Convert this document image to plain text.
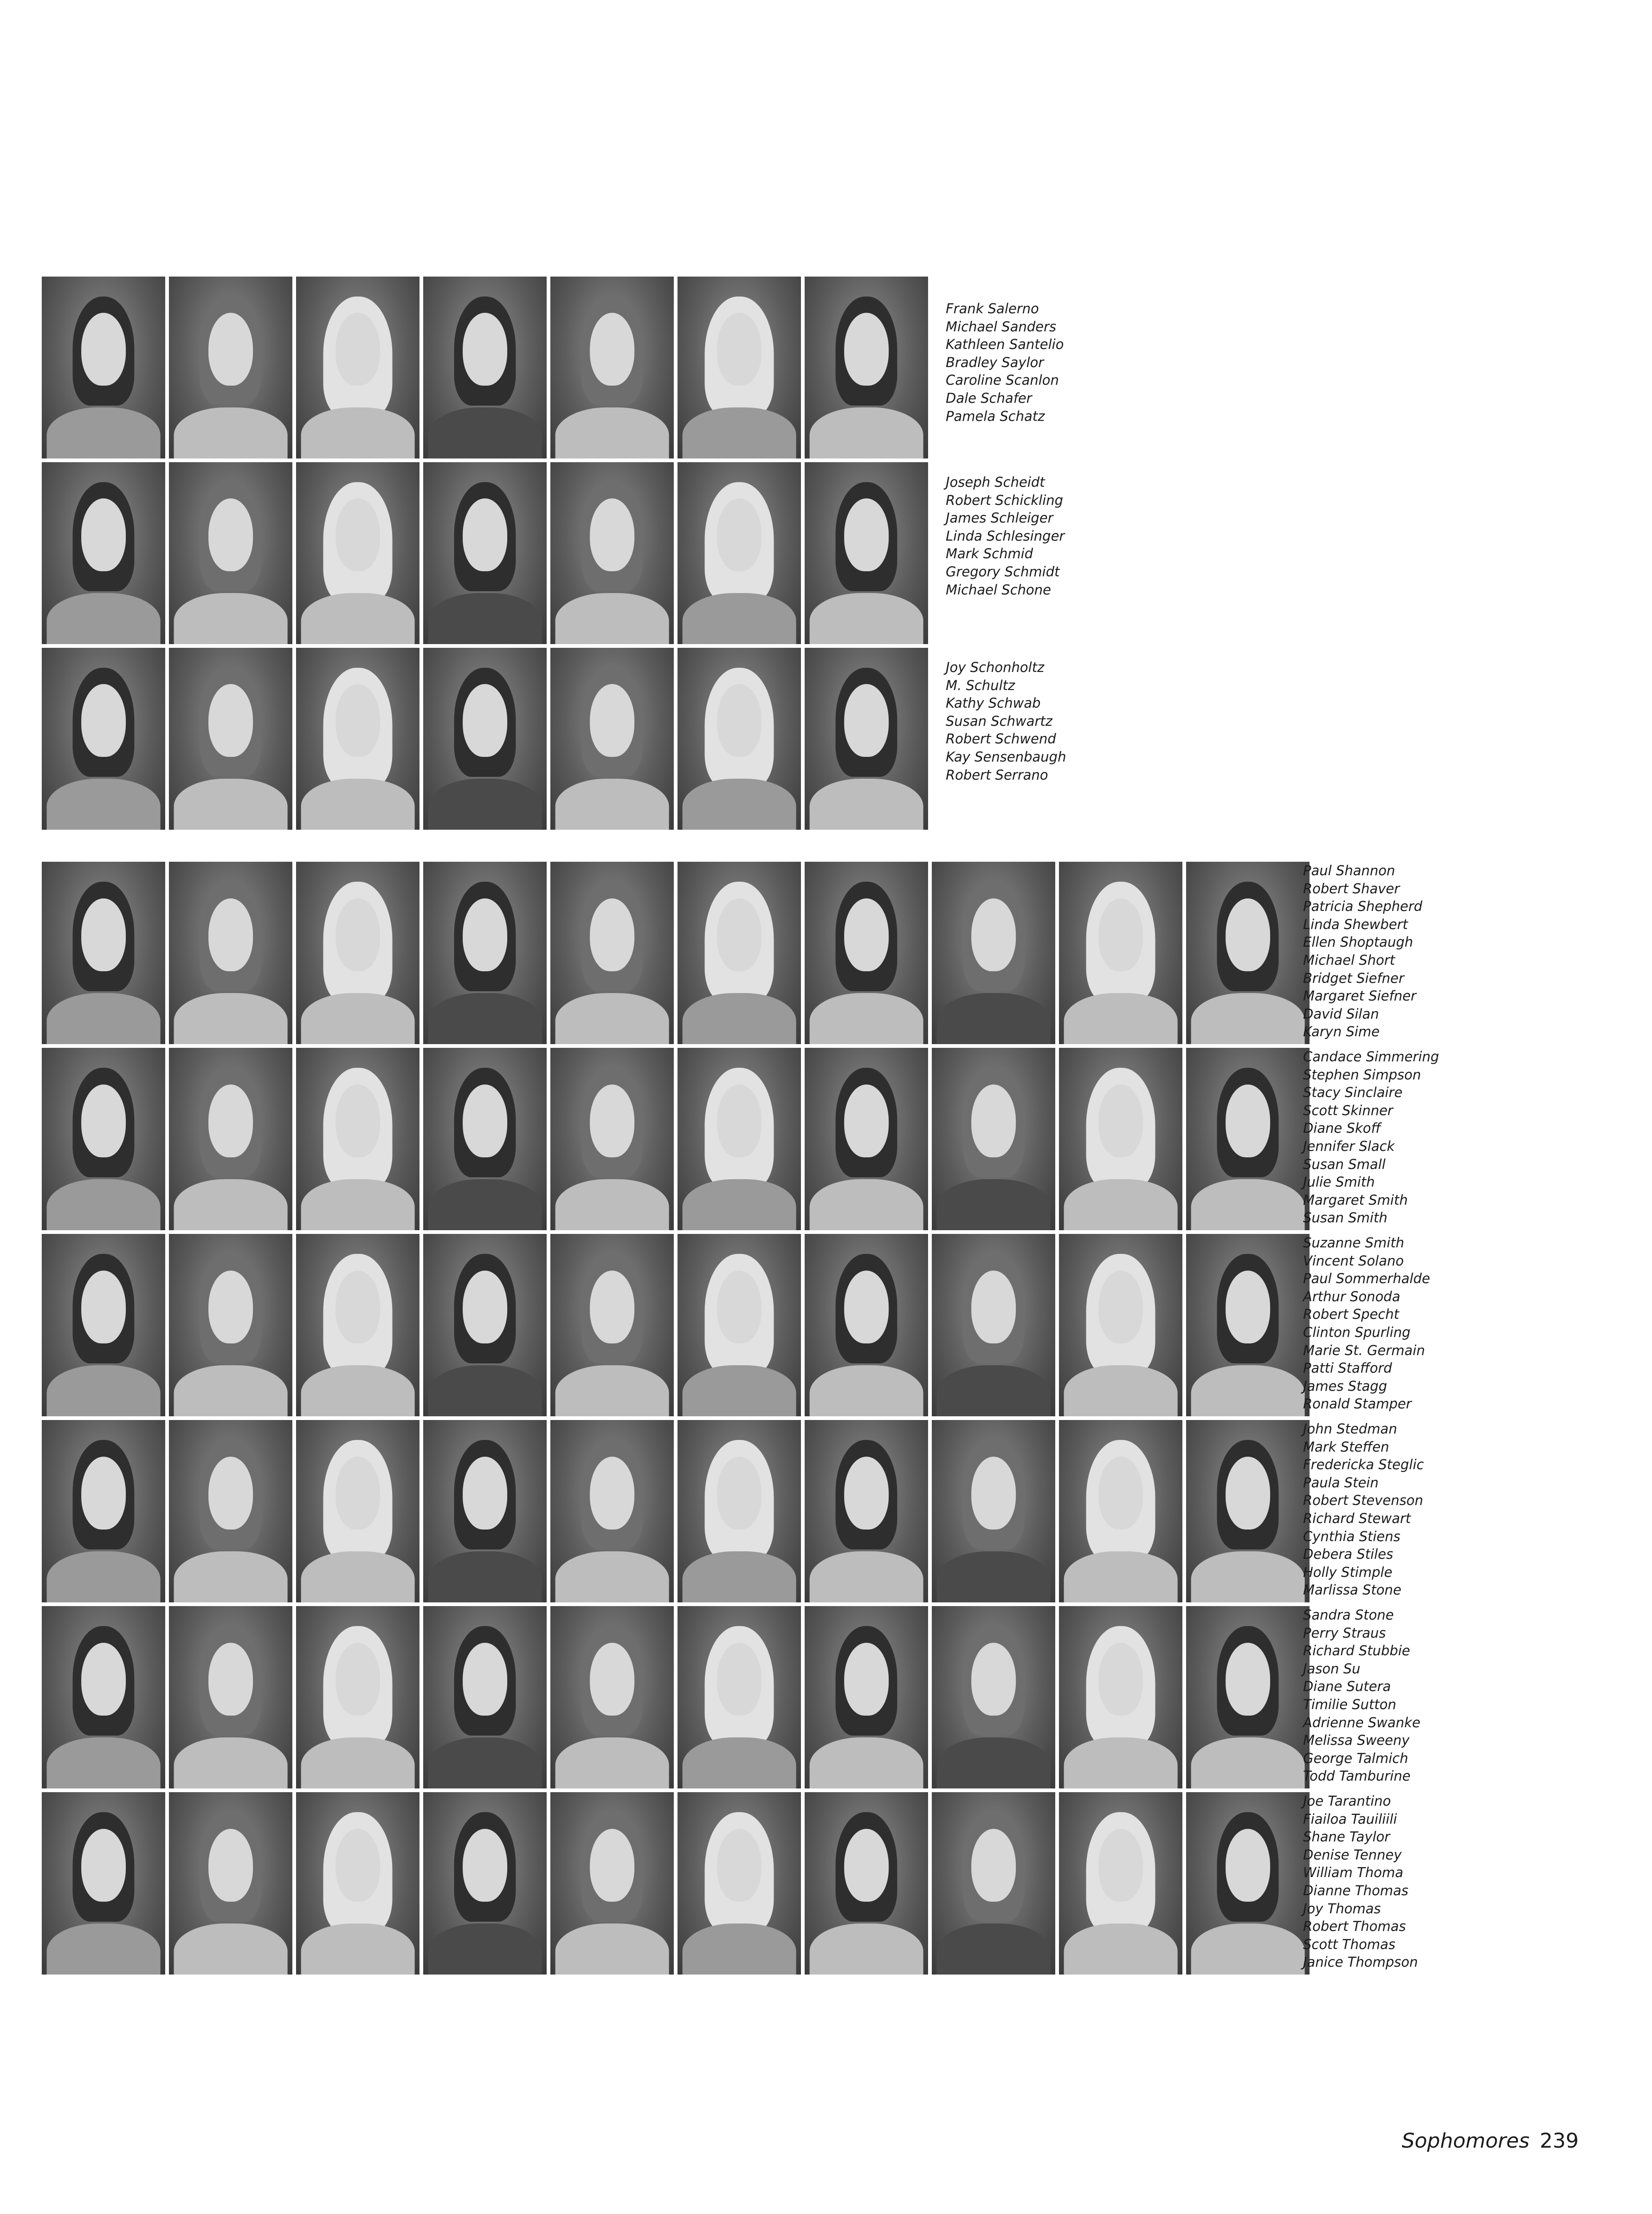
Frank Salerno
Michael Sanders
Kathleen Santelio
Bradley Saylor
Caroline Scanlon
Dale Schafer
Pamela Schatz
Joseph Scheidt
Robert Schickling
James Schleiger
Linda Schlesinger
Mark Schmid
Gregory Schmidt
Michael Schone
Joy Schonholtz
M. Schultz
Kathy Schwab
Susan Schwartz
Robert Schwend
Kay Sensenbaugh
Robert Serrano
Paul Shannon
Robert Shaver
Patricia Shepherd
Linda Shewbert
Ellen Shoptaugh
Michael Short
Bridget Siefner
Margaret Siefner
David Silan
Karyn Sime
Candace Simmering
Stephen Simpson
Stacy Sinclaire
Scott Skinner
Diane Skoff
Jennifer Slack
Susan Small
Julie Smith
Margaret Smith
Susan Smith
Suzanne Smith
Vincent Solano
Paul Sommerhalde
Arthur Sonoda
Robert Specht
Clinton Spurling
Marie St. Germain
Patti Stafford
James Stagg
Ronald Stamper
John Stedman
Mark Steffen
Fredericka Steglic
Paula Stein
Robert Stevenson
Richard Stewart
Cynthia Stiens
Debera Stiles
Holly Stimple
Marlissa Stone
Sandra Stone
Perry Straus
Richard Stubbie
Jason Su
Diane Sutera
Timilie Sutton
Adrienne Swanke
Melissa Sweeny
George Talmich
Todd Tamburine
Joe Tarantino
Fiailoa Tauiliili
Shane Taylor
Denise Tenney
William Thoma
Dianne Thomas
Joy Thomas
Robert Thomas
Scott Thomas
Janice Thompson
Sophomores 239
